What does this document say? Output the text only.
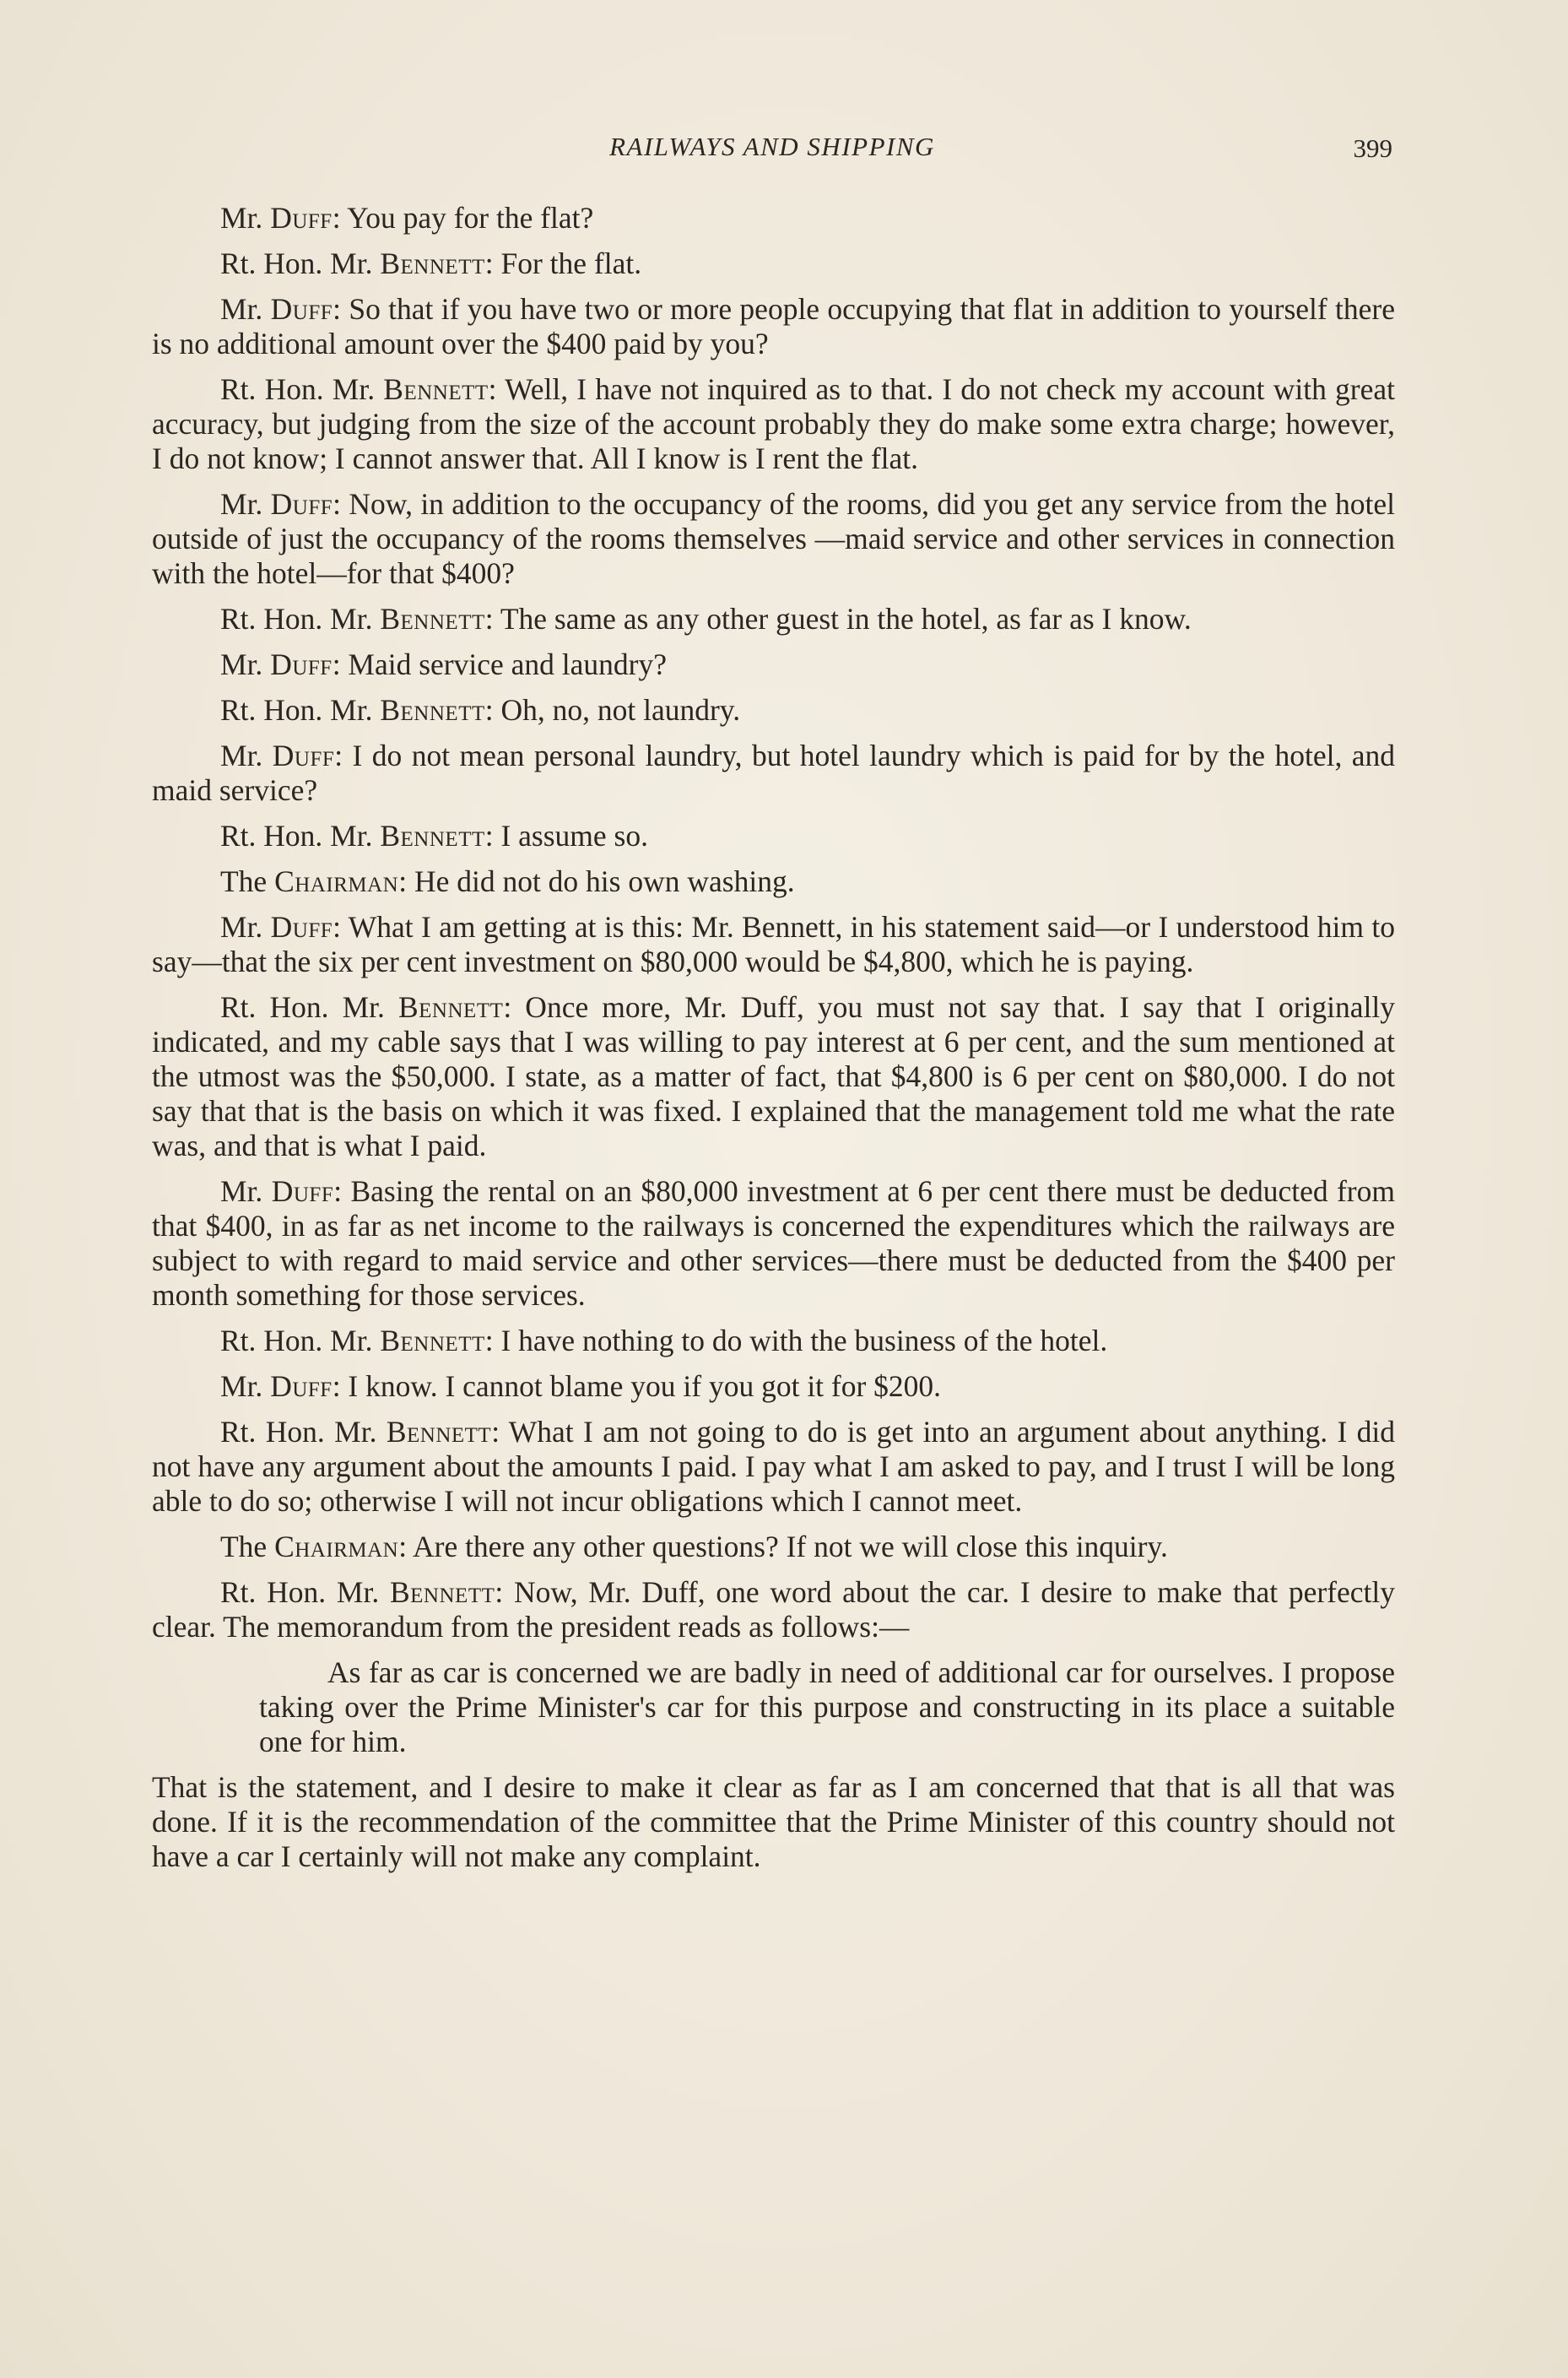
RAILWAYS AND SHIPPING	399

Mr. Duff: You pay for the flat?

Rt. Hon. Mr. Bennett: For the flat.

Mr. Duff: So that if you have two or more people occupying that flat in addition to yourself there is no additional amount over the $400 paid by you?

Rt. Hon. Mr. Bennett: Well, I have not inquired as to that. I do not check my account with great accuracy, but judging from the size of the account probably they do make some extra charge; however, I do not know; I cannot answer that. All I know is I rent the flat.

Mr. Duff: Now, in addition to the occupancy of the rooms, did you get any service from the hotel outside of just the occupancy of the rooms themselves —maid service and other services in connection with the hotel—for that $400?

Rt. Hon. Mr. Bennett: The same as any other guest in the hotel, as far as I know.

Mr. Duff: Maid service and laundry?

Rt. Hon. Mr. Bennett: Oh, no, not laundry.

Mr. Duff: I do not mean personal laundry, but hotel laundry which is paid for by the hotel, and maid service?

Rt. Hon. Mr. Bennett: I assume so.

The Chairman: He did not do his own washing.

Mr. Duff: What I am getting at is this: Mr. Bennett, in his statement said—or I understood him to say—that the six per cent investment on $80,000 would be $4,800, which he is paying.

Rt. Hon. Mr. Bennett: Once more, Mr. Duff, you must not say that. I say that I originally indicated, and my cable says that I was willing to pay interest at 6 per cent, and the sum mentioned at the utmost was the $50,000. I state, as a matter of fact, that $4,800 is 6 per cent on $80,000. I do not say that that is the basis on which it was fixed. I explained that the management told me what the rate was, and that is what I paid.

Mr. Duff: Basing the rental on an $80,000 investment at 6 per cent there must be deducted from that $400, in as far as net income to the railways is concerned the expenditures which the railways are subject to with regard to maid service and other services—there must be deducted from the $400 per month something for those services.

Rt. Hon. Mr. Bennett: I have nothing to do with the business of the hotel.

Mr. Duff: I know. I cannot blame you if you got it for $200.

Rt. Hon. Mr. Bennett: What I am not going to do is get into an argument about anything. I did not have any argument about the amounts I paid. I pay what I am asked to pay, and I trust I will be long able to do so; otherwise I will not incur obligations which I cannot meet.

The Chairman: Are there any other questions? If not we will close this inquiry.

Rt. Hon. Mr. Bennett: Now, Mr. Duff, one word about the car. I desire to make that perfectly clear. The memorandum from the president reads as follows:—

As far as car is concerned we are badly in need of additional car for ourselves. I propose taking over the Prime Minister's car for this purpose and constructing in its place a suitable one for him.

That is the statement, and I desire to make it clear as far as I am concerned that that is all that was done. If it is the recommendation of the committee that the Prime Minister of this country should not have a car I certainly will not make any complaint.
